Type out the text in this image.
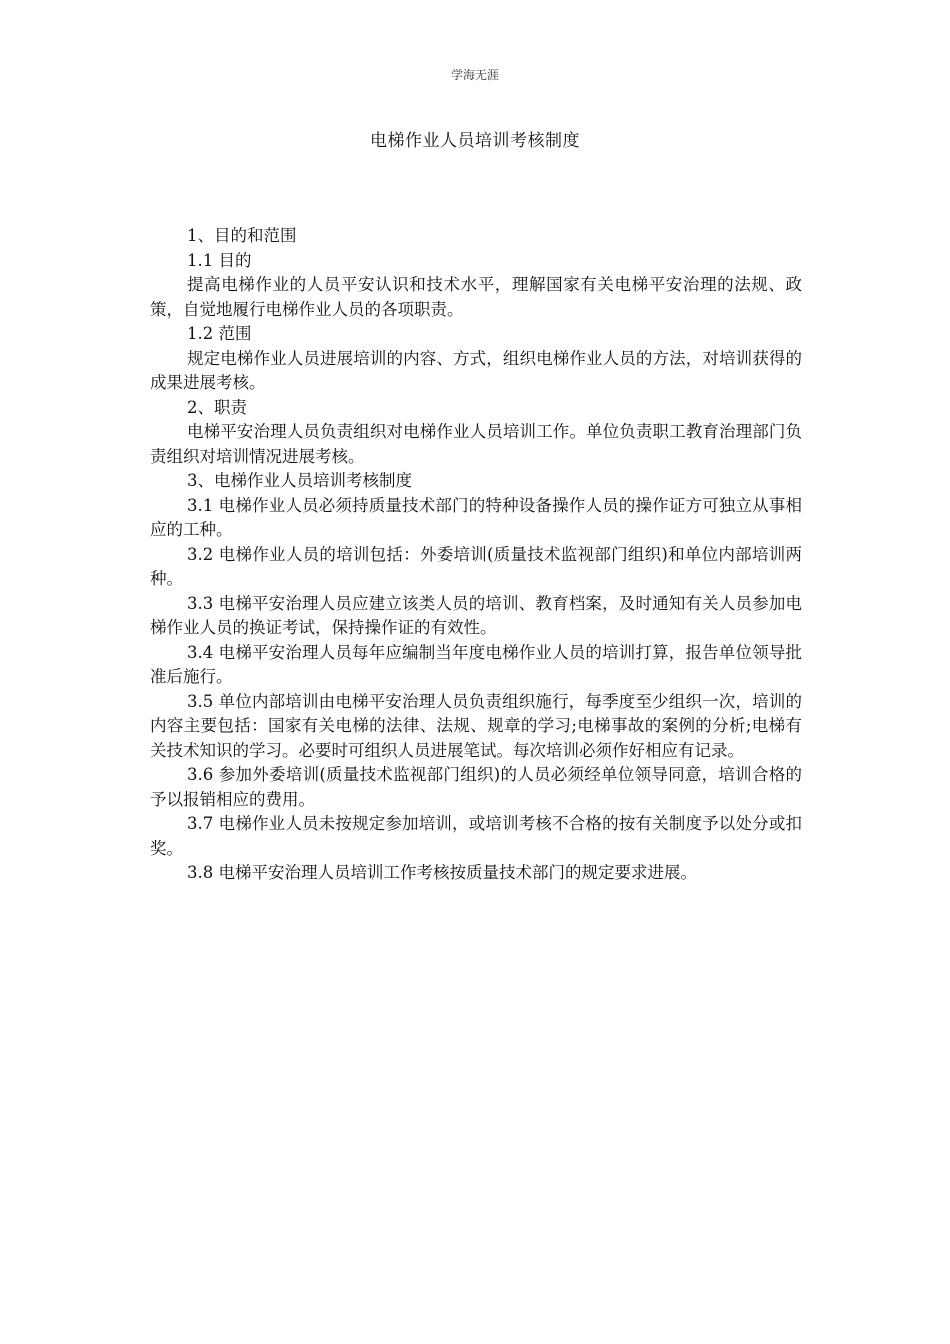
学海无涯
电梯作业人员培训考核制度

1、目的和范围

1.1 目的

提高电梯作业的人员平安认识和技术水平，理解国家有关电梯平安治理的法规、政策，自觉地履行电梯作业人员的各项职责。

1.2 范围

规定电梯作业人员进展培训的内容、方式，组织电梯作业人员的方法，对培训获得的成果进展考核。

2、职责

电梯平安治理人员负责组织对电梯作业人员培训工作。单位负责职工教育治理部门负责组织对培训情况进展考核。

3、电梯作业人员培训考核制度

3.1 电梯作业人员必须持质量技术部门的特种设备操作人员的操作证方可独立从事相应的工种。

3.2 电梯作业人员的培训包括：外委培训(质量技术监视部门组织)和单位内部培训两种。

3.3 电梯平安治理人员应建立该类人员的培训、教育档案，及时通知有关人员参加电梯作业人员的换证考试，保持操作证的有效性。

3.4 电梯平安治理人员每年应编制当年度电梯作业人员的培训打算，报告单位领导批准后施行。

3.5 单位内部培训由电梯平安治理人员负责组织施行，每季度至少组织一次，培训的内容主要包括：国家有关电梯的法律、法规、规章的学习;电梯事故的案例的分析;电梯有关技术知识的学习。必要时可组织人员进展笔试。每次培训必须作好相应有记录。

3.6 参加外委培训(质量技术监视部门组织)的人员必须经单位领导同意，培训合格的予以报销相应的费用。

3.7 电梯作业人员未按规定参加培训，或培训考核不合格的按有关制度予以处分或扣奖。

3.8 电梯平安治理人员培训工作考核按质量技术部门的规定要求进展。
